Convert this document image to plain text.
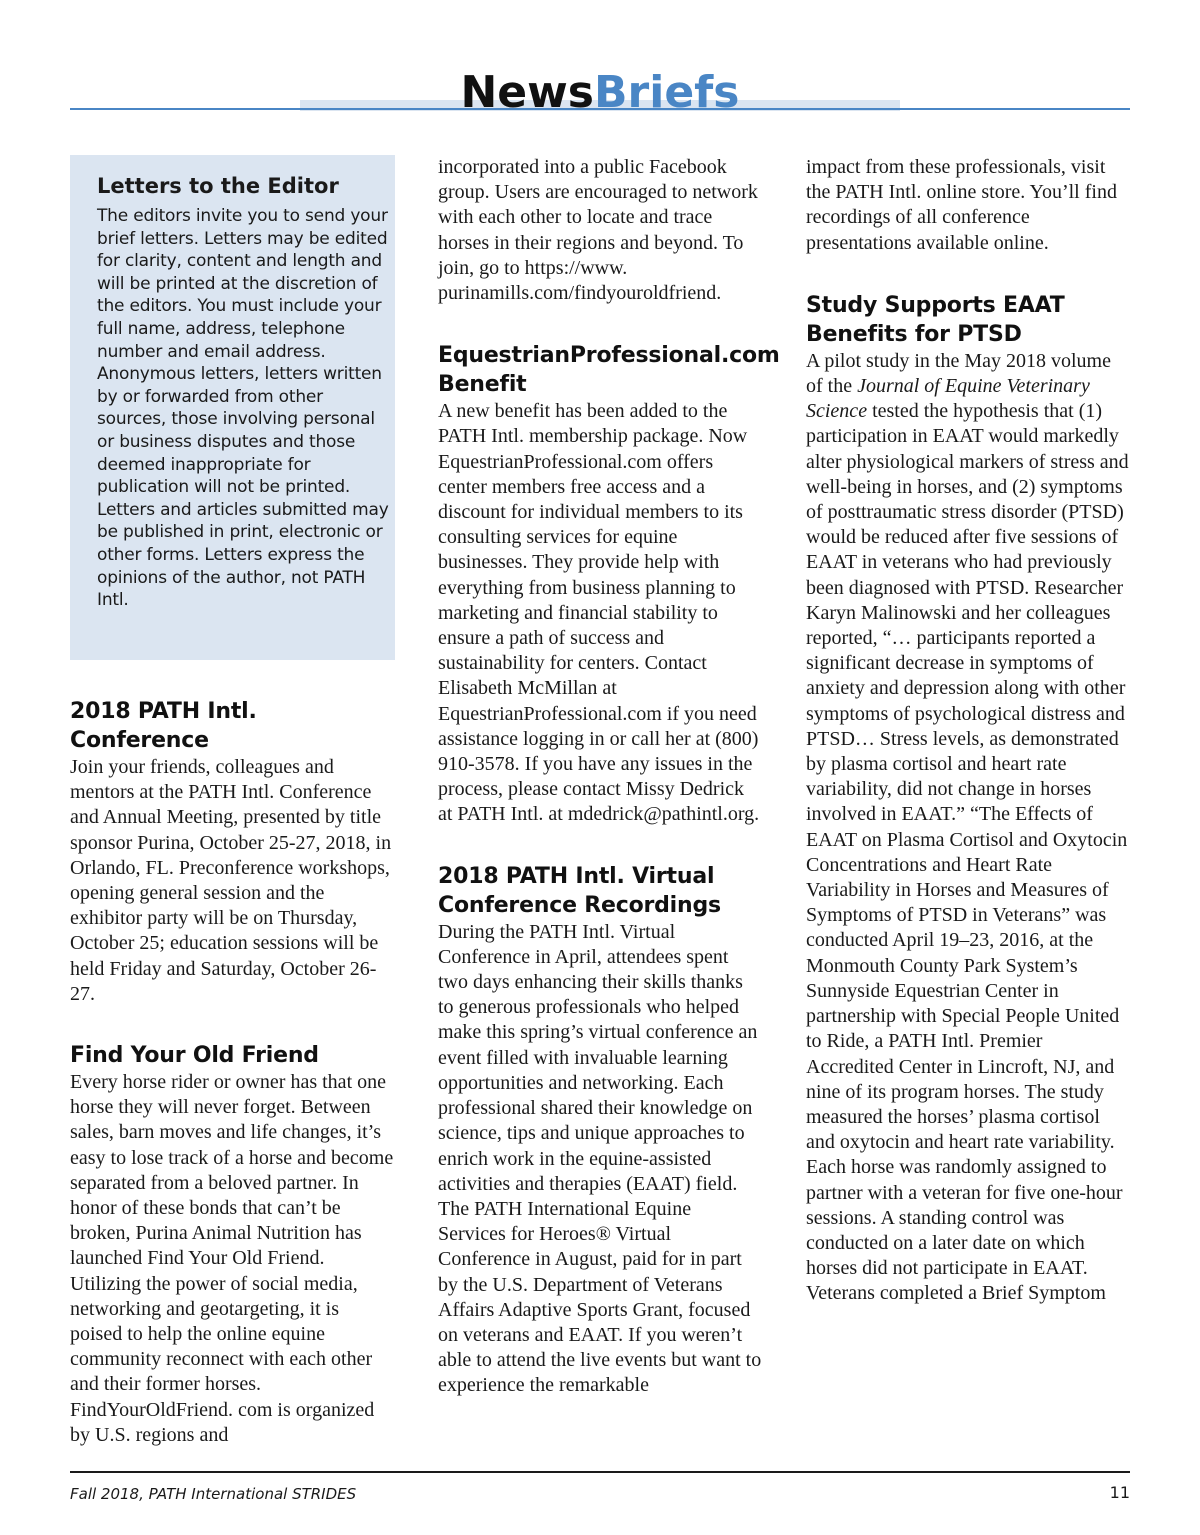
NewsBriefs
Letters to the Editor

The editors invite you to send your brief letters. Letters may be edited for clarity, content and length and will be printed at the discretion of the editors. You must include your full name, address, telephone number and email address. Anonymous letters, letters written by or forwarded from other sources, those involving personal or business disputes and those deemed inappropriate for publication will not be printed. Letters and articles submitted may be published in print, electronic or other forms. Letters express the opinions of the author, not PATH Intl.

2018 PATH Intl. Conference

Join your friends, colleagues and mentors at the PATH Intl. Conference and Annual Meeting, presented by title sponsor Purina, October 25-27, 2018, in Orlando, FL. Preconference workshops, opening general session and the exhibitor party will be on Thursday, October 25; education sessions will be held Friday and Saturday, October 26-27.

Find Your Old Friend

Every horse rider or owner has that one horse they will never forget. Between sales, barn moves and life changes, it’s easy to lose track of a horse and become separated from a beloved partner. In honor of these bonds that can’t be broken, Purina Animal Nutrition has launched Find Your Old Friend. Utilizing the power of social media, networking and geotargeting, it is poised to help the online equine community reconnect with each other and their former horses. FindYourOldFriend. com is organized by U.S. regions and

incorporated into a public Facebook group. Users are encouraged to network with each other to locate and trace horses in their regions and beyond. To join, go to https://www. purinamills.com/findyouroldfriend.

EquestrianProfessional.com Benefit

A new benefit has been added to the PATH Intl. membership package. Now EquestrianProfessional.com offers center members free access and a discount for individual members to its consulting services for equine businesses. They provide help with everything from business planning to marketing and financial stability to ensure a path of success and sustainability for centers. Contact Elisabeth McMillan at EquestrianProfessional.com if you need assistance logging in or call her at (800) 910-3578. If you have any issues in the process, please contact Missy Dedrick at PATH Intl. at mdedrick@pathintl.org.

2018 PATH Intl. Virtual Conference Recordings

During the PATH Intl. Virtual Conference in April, attendees spent two days enhancing their skills thanks to generous professionals who helped make this spring’s virtual conference an event filled with invaluable learning opportunities and networking. Each professional shared their knowledge on science, tips and unique approaches to enrich work in the equine-assisted activities and therapies (EAAT) field. The PATH International Equine Services for Heroes® Virtual Conference in August, paid for in part by the U.S. Department of Veterans Affairs Adaptive Sports Grant, focused on veterans and EAAT. If you weren’t able to attend the live events but want to experience the remarkable

impact from these professionals, visit the PATH Intl. online store. You’ll find recordings of all conference presentations available online.

Study Supports EAAT Benefits for PTSD

A pilot study in the May 2018 volume of the Journal of Equine Veterinary Science tested the hypothesis that (1) participation in EAAT would markedly alter physiological markers of stress and well-being in horses, and (2) symptoms of posttraumatic stress disorder (PTSD) would be reduced after five sessions of EAAT in veterans who had previously been diagnosed with PTSD. Researcher Karyn Malinowski and her colleagues reported, “… participants reported a significant decrease in symptoms of anxiety and depression along with other symptoms of psychological distress and PTSD… Stress levels, as demonstrated by plasma cortisol and heart rate variability, did not change in horses involved in EAAT.” “The Effects of EAAT on Plasma Cortisol and Oxytocin Concentrations and Heart Rate Variability in Horses and Measures of Symptoms of PTSD in Veterans” was conducted April 19–23, 2016, at the Monmouth County Park System’s Sunnyside Equestrian Center in partnership with Special People United to Ride, a PATH Intl. Premier Accredited Center in Lincroft, NJ, and nine of its program horses. The study measured the horses’ plasma cortisol and oxytocin and heart rate variability. Each horse was randomly assigned to partner with a veteran for five one-hour sessions. A standing control was conducted on a later date on which horses did not participate in EAAT. Veterans completed a Brief Symptom

Fall 2018, PATH International STRIDES	11
